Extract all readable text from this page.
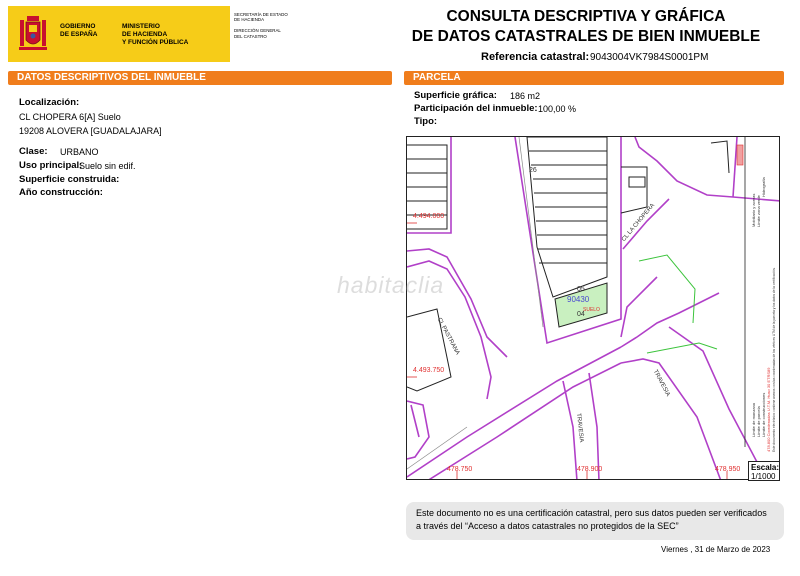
GOBIERNO
DE ESPAÑA
MINISTERIO
DE HACIENDA
Y FUNCIÓN PÚBLICA
SECRETARÍA DE ESTADO
DE HACIENDA
DIRECCIÓN GENERAL
DEL CATASTRO
CONSULTA DESCRIPTIVA Y GRÁFICA
DE DATOS CATASTRALES DE BIEN INMUEBLE
Referencia catastral: 9043004VK7984S0001PM
DATOS DESCRIPTIVOS DEL INMUEBLE	PARCELA
Localización:
CL CHOPERA 6[A] Suelo
19208 ALOVERA [GUADALAJARA]
Clase: URBANO
Uso principal:
Suelo sin edif.
Superficie construida:
Año construcción:
Superficie gráfica: 186 m2
Participación del inmueble: 100,00 %
Tipo:
4.494.000
4.493.750
478.750	478.900	478.950
CL LA CHOPERA
CL PASTRANA
TRAVESIA
TRAVESIA
26
05
90430
SUELO
04
Límite de manzana Límite de parcela Límite de construcciones
Mobiliario y aceras Límite zona verde
Hidrografía
478.800 Coordenadas U.T.M. Huso 30 ETRS89 Este documento electrónico contiene anexos con las coordenadas de los vértices UTM de la parcela y los datos de la certificación.
habitaclia
Escala:
1/1000
Este documento no es una certificación catastral, pero sus datos pueden ser verificados a través del “Acceso a datos catastrales no protegidos de la SEC”
Viernes , 31 de Marzo de 2023
